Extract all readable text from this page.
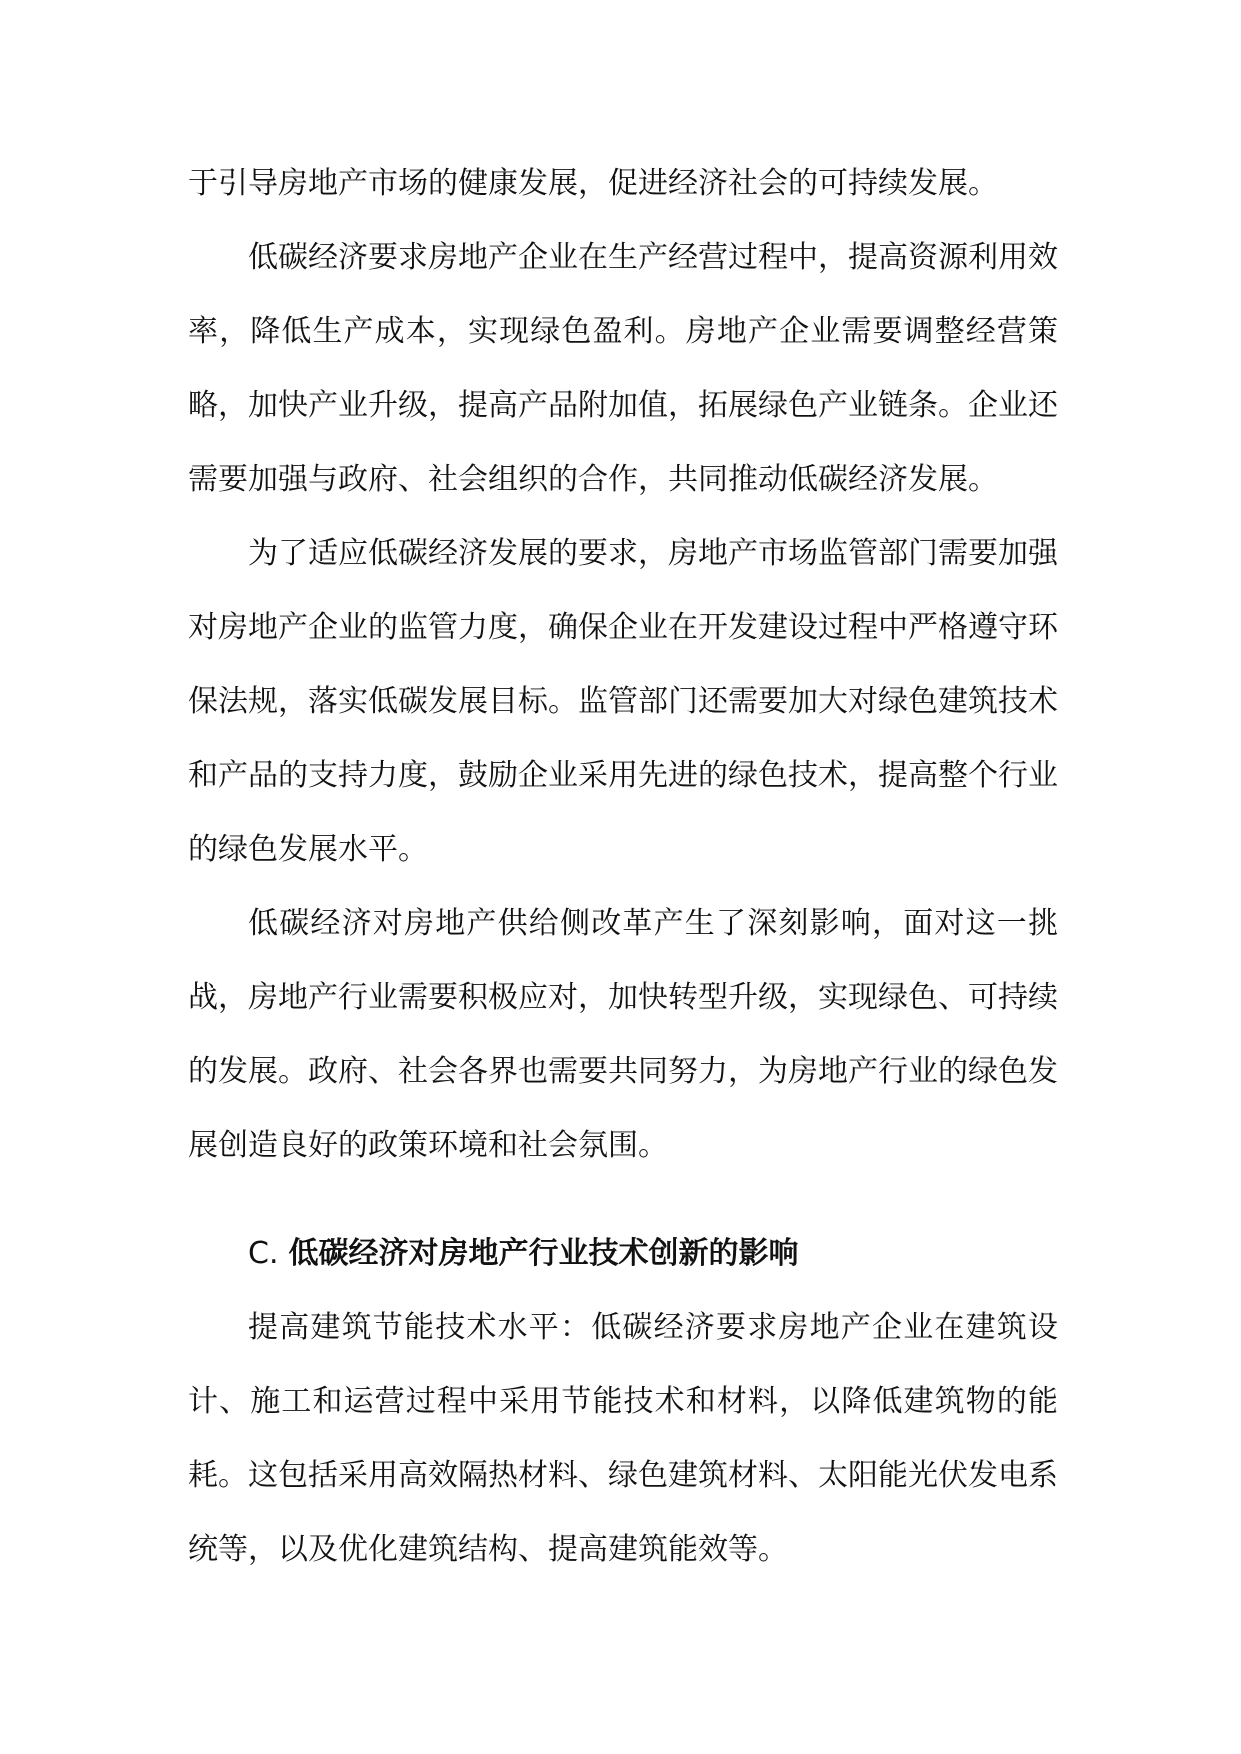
于引导房地产市场的健康发展，促进经济社会的可持续发展。

低碳经济要求房地产企业在生产经营过程中，提高资源利用效率，降低生产成本，实现绿色盈利。房地产企业需要调整经营策略，加快产业升级，提高产品附加值，拓展绿色产业链条。企业还需要加强与政府、社会组织的合作，共同推动低碳经济发展。

为了适应低碳经济发展的要求，房地产市场监管部门需要加强对房地产企业的监管力度，确保企业在开发建设过程中严格遵守环保法规，落实低碳发展目标。监管部门还需要加大对绿色建筑技术和产品的支持力度，鼓励企业采用先进的绿色技术，提高整个行业的绿色发展水平。

低碳经济对房地产供给侧改革产生了深刻影响，面对这一挑战，房地产行业需要积极应对，加快转型升级，实现绿色、可持续的发展。政府、社会各界也需要共同努力，为房地产行业的绿色发展创造良好的政策环境和社会氛围。

C. 低碳经济对房地产行业技术创新的影响

提高建筑节能技术水平：低碳经济要求房地产企业在建筑设计、施工和运营过程中采用节能技术和材料，以降低建筑物的能耗。这包括采用高效隔热材料、绿色建筑材料、太阳能光伏发电系统等，以及优化建筑结构、提高建筑能效等。
